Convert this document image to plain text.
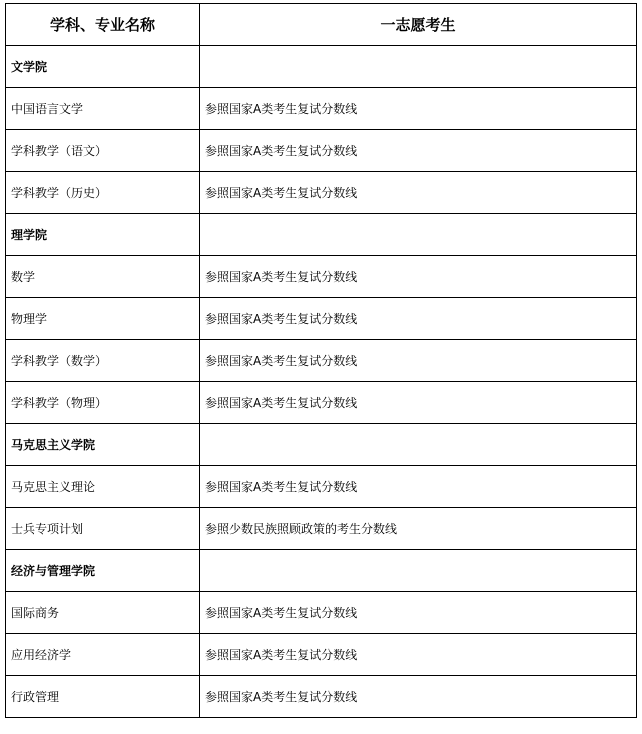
学科、专业名称	一志愿考生
文学院	
中国语言文学	参照国家A类考生复试分数线
学科教学（语文）	参照国家A类考生复试分数线
学科教学（历史）	参照国家A类考生复试分数线
理学院	
数学	参照国家A类考生复试分数线
物理学	参照国家A类考生复试分数线
学科教学（数学）	参照国家A类考生复试分数线
学科教学（物理）	参照国家A类考生复试分数线
马克思主义学院	
马克思主义理论	参照国家A类考生复试分数线
士兵专项计划	参照少数民族照顾政策的考生分数线
经济与管理学院	
国际商务	参照国家A类考生复试分数线
应用经济学	参照国家A类考生复试分数线
行政管理	参照国家A类考生复试分数线
